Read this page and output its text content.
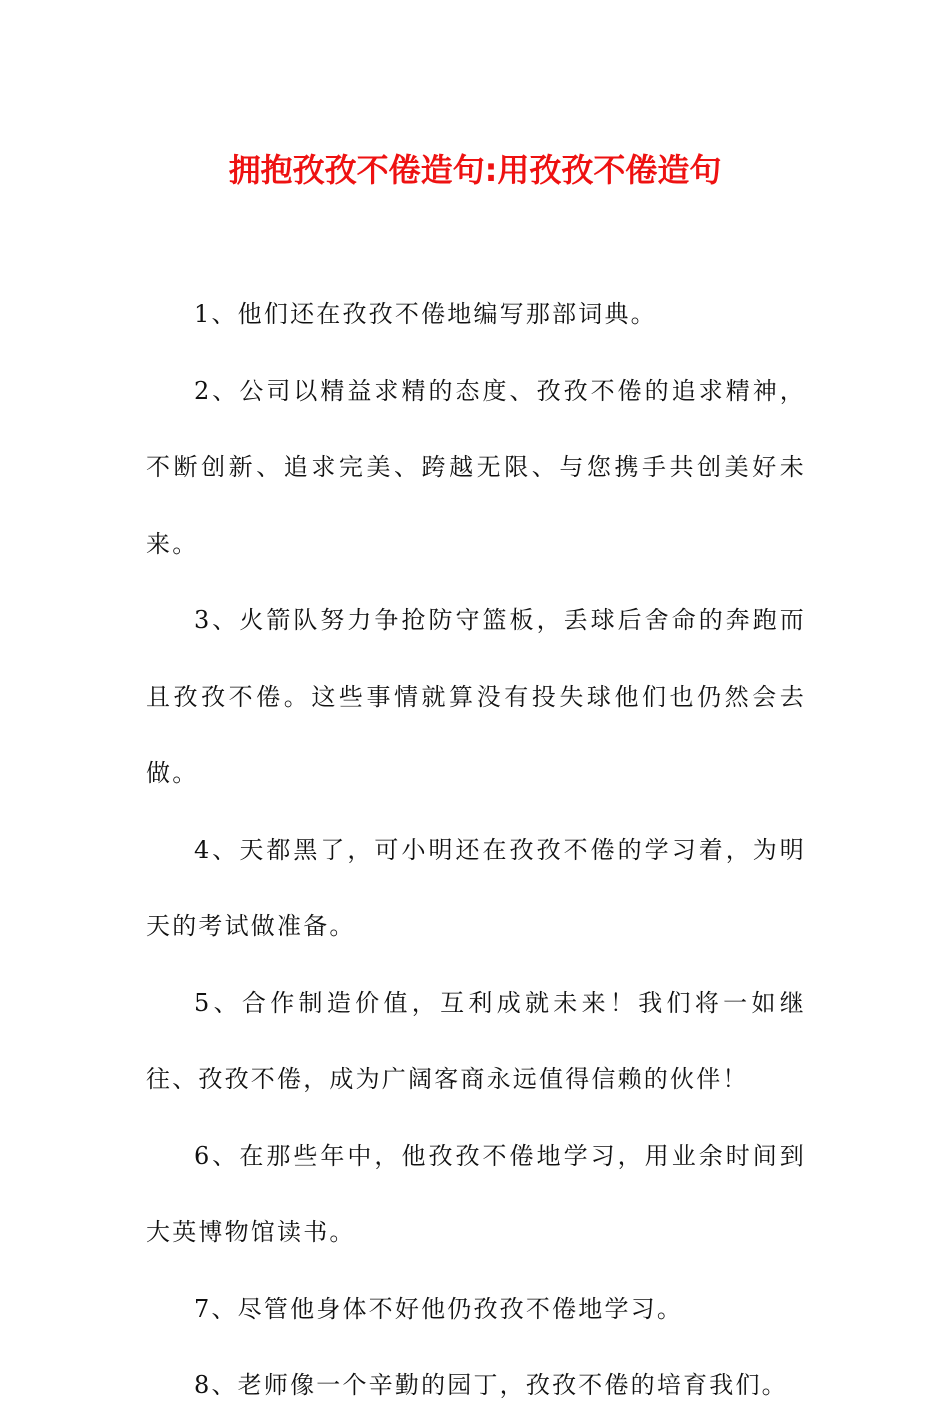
拥抱孜孜不倦造句:用孜孜不倦造句

1、他们还在孜孜不倦地编写那部词典。

2、公司以精益求精的态度、孜孜不倦的追求精神，不断创新、追求完美、跨越无限、与您携手共创美好未来。

3、火箭队努力争抢防守篮板，丢球后舍命的奔跑而且孜孜不倦。这些事情就算没有投失球他们也仍然会去做。

4、天都黑了，可小明还在孜孜不倦的学习着，为明天的考试做准备。

5、合作制造价值，互利成就未来！我们将一如继往、孜孜不倦，成为广阔客商永远值得信赖的伙伴！

6、在那些年中，他孜孜不倦地学习，用业余时间到大英博物馆读书。

7、尽管他身体不好他仍孜孜不倦地学习。

8、老师像一个辛勤的园丁，孜孜不倦的培育我们。
